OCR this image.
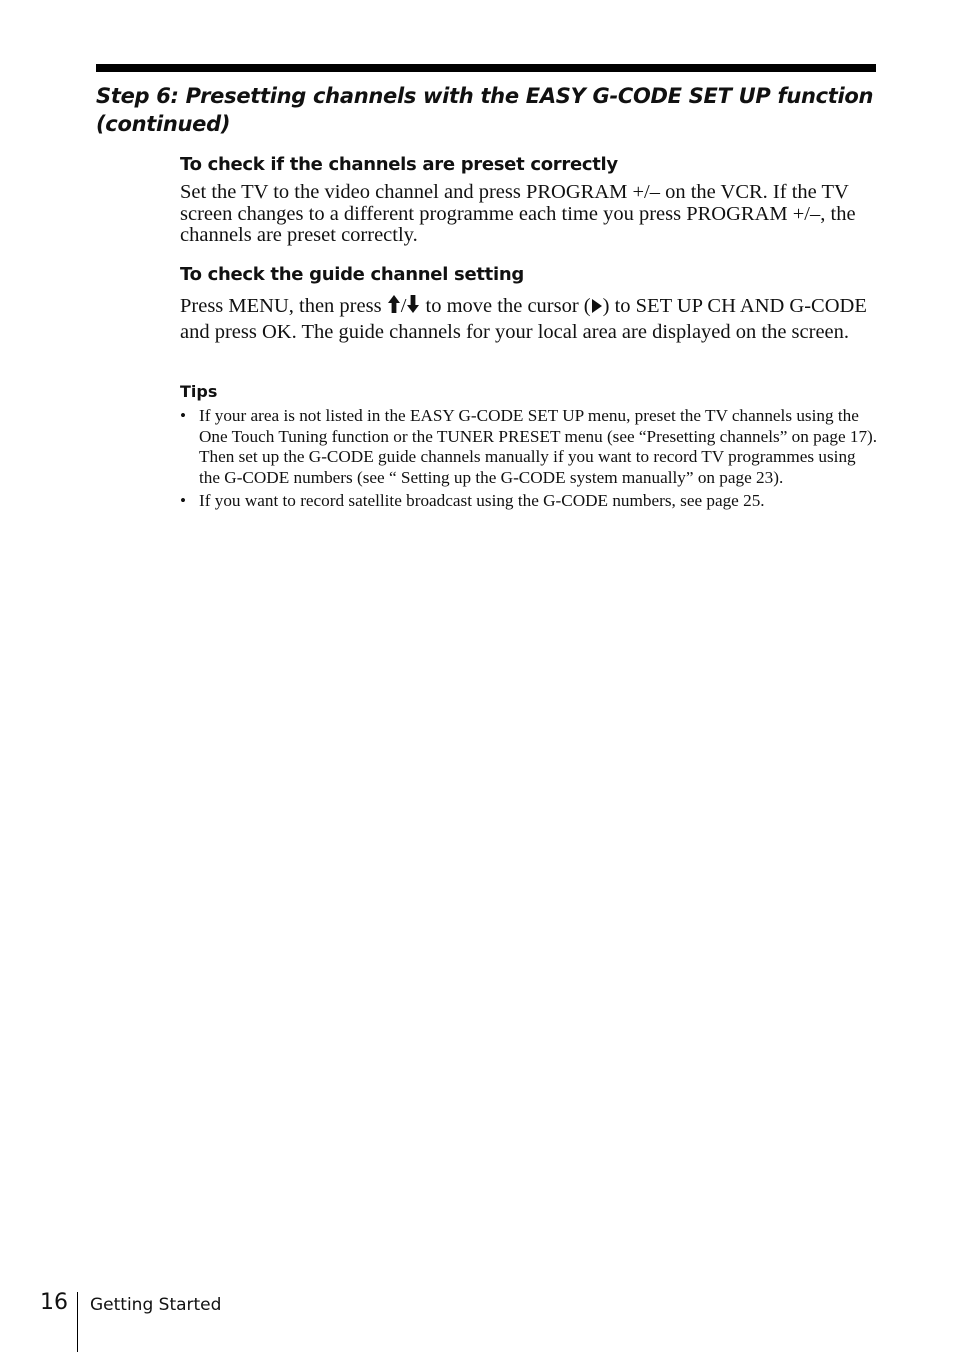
Step 6: Presetting channels with the EASY G-CODE SET UP function (continued)
To check if the channels are preset correctly

Set the TV to the video channel and press PROGRAM +/– on the VCR. If the TV screen changes to a different programme each time you press PROGRAM +/–, the channels are preset correctly.

To check the guide channel setting

Press MENU, then press / to move the cursor ( ) to SET UP CH AND G-CODE and press OK. The guide channels for your local area are displayed on the screen.

Tips

• If your area is not listed in the EASY G-CODE SET UP menu, preset the TV channels using the One Touch Tuning function or the TUNER PRESET menu (see “Presetting channels” on page 17). Then set up the G-CODE guide channels manually if you want to record TV programmes using the G-CODE numbers (see “ Setting up the G-CODE system manually” on page 23).
• If you want to record satellite broadcast using the G-CODE numbers, see page 25.
16 Getting Started
